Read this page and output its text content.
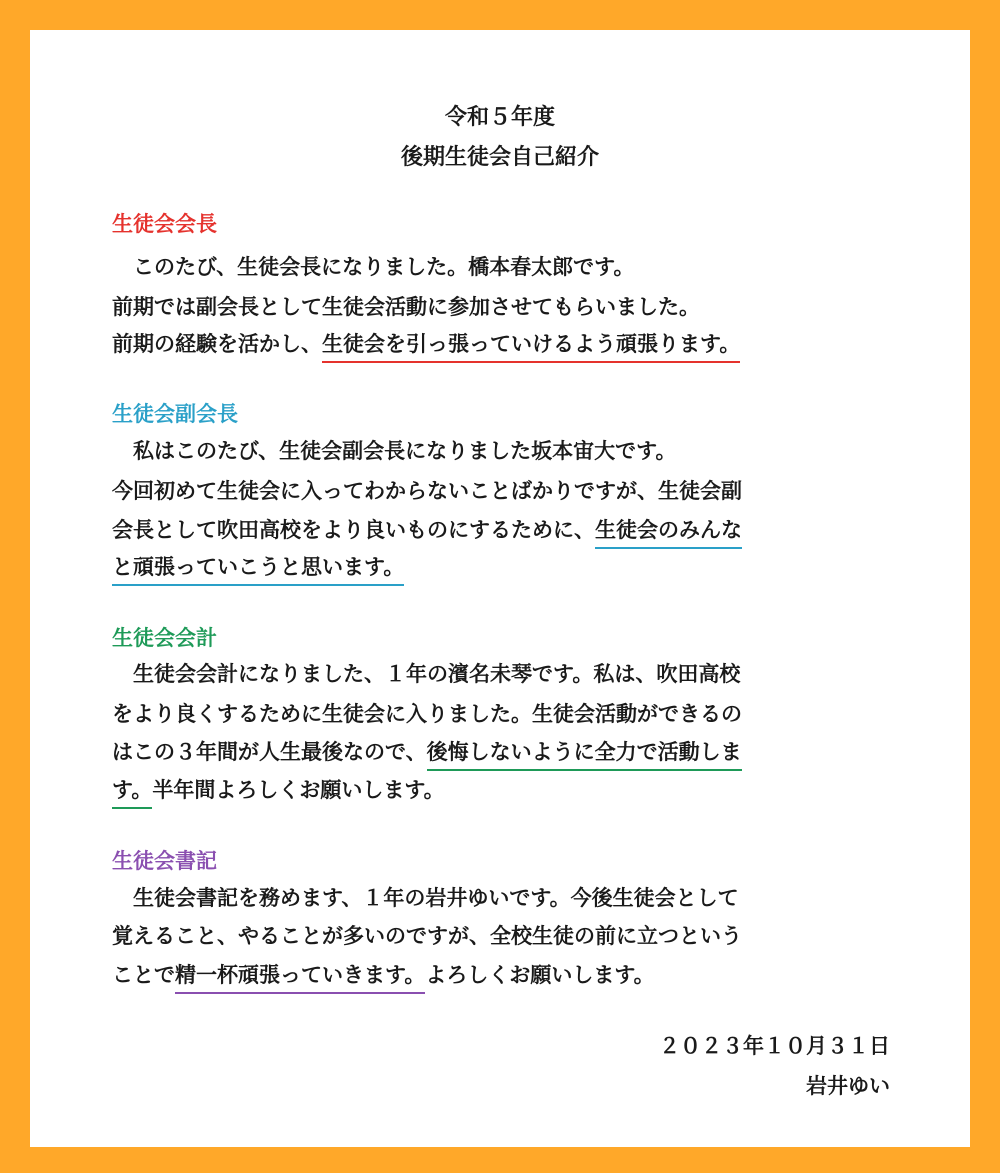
令和５年度
後期生徒会自己紹介
生徒会会長
　このたび、生徒会長になりました。橋本春太郎です。
前期では副会長として生徒会活動に参加させてもらいました。
前期の経験を活かし、生徒会を引っ張っていけるよう頑張ります。
生徒会副会長
　私はこのたび、生徒会副会長になりました坂本宙大です。
今回初めて生徒会に入ってわからないことばかりですが、生徒会副
会長として吹田高校をより良いものにするために、生徒会のみんな
と頑張っていこうと思います。
生徒会会計
　生徒会会計になりました、１年の濱名未琴です。私は、吹田高校
をより良くするために生徒会に入りました。生徒会活動ができるの
はこの３年間が人生最後なので、後悔しないように全力で活動しま
す。半年間よろしくお願いします。
生徒会書記
　生徒会書記を務めます、１年の岩井ゆいです。今後生徒会として
覚えること、やることが多いのですが、全校生徒の前に立つという
ことで精一杯頑張っていきます。よろしくお願いします。
２０２３年１０月３１日
岩井ゆい
